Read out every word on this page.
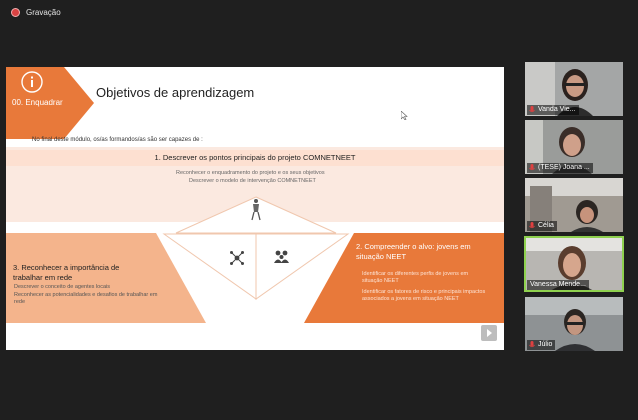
Gravação
00. Enquadrar
Objetivos de aprendizagem
No final deste módulo, os/as formandos/as são ser capazes de :
1. Descrever os pontos principais do projeto COMNETNEET
Reconhecer o enquadramento do projeto e os seus objetivos
Descrever o modelo de intervenção COMNETNEET
3. Reconhecer a importância de trabalhar em rede
Descrever o conceito de agentes locais
Reconhecer as potencialidades e desafios de trabalhar em rede
2. Compreender o alvo: jovens em situação NEET
Identificar os diferentes perfis de jovens em situação NEET
Identificar os fatores de risco e principais impactos associados a jovens em situação NEET
Vanda Vie...
(TESE) Joana ...
Célia
Vanessa Mende...
Júlio
